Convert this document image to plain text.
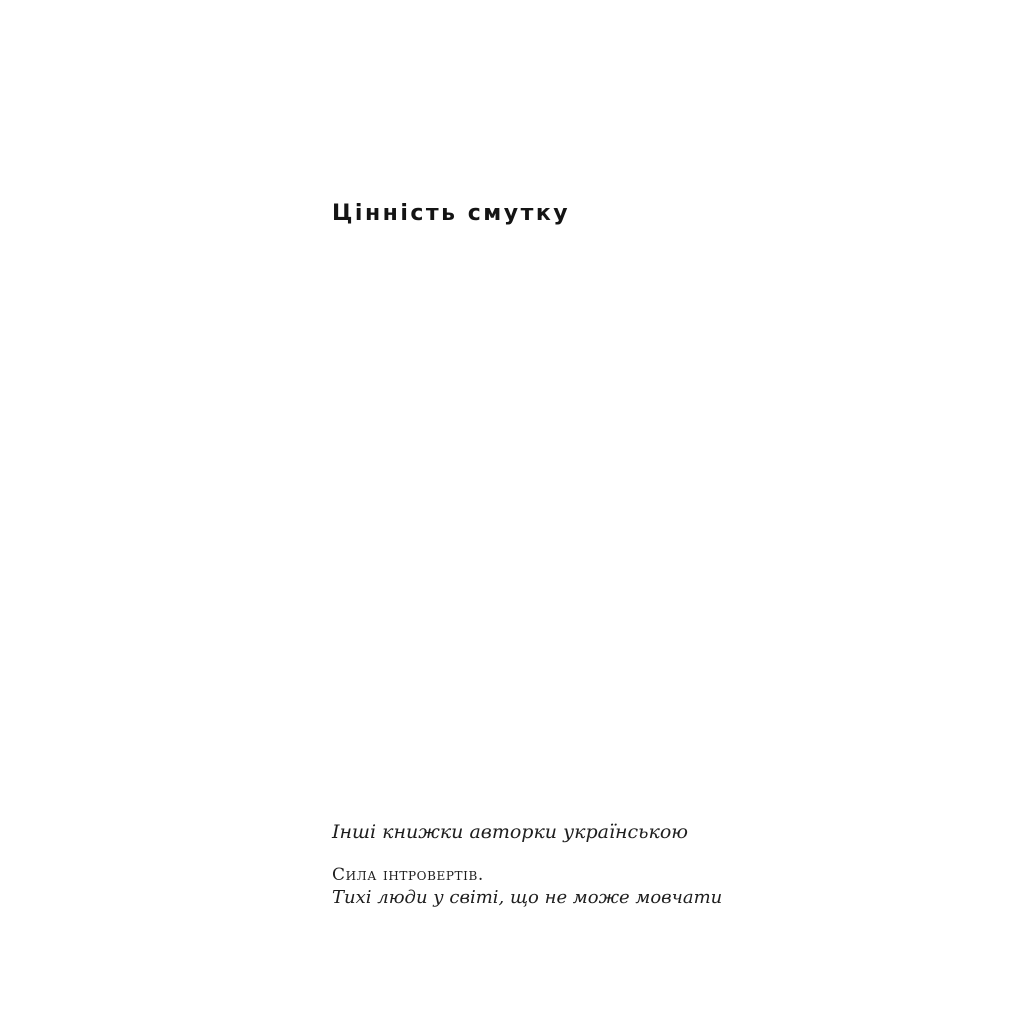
Цінність смутку

Інші книжки авторки українською

Сила інтровертів.

Тихі люди у світі, що не може мовчати
